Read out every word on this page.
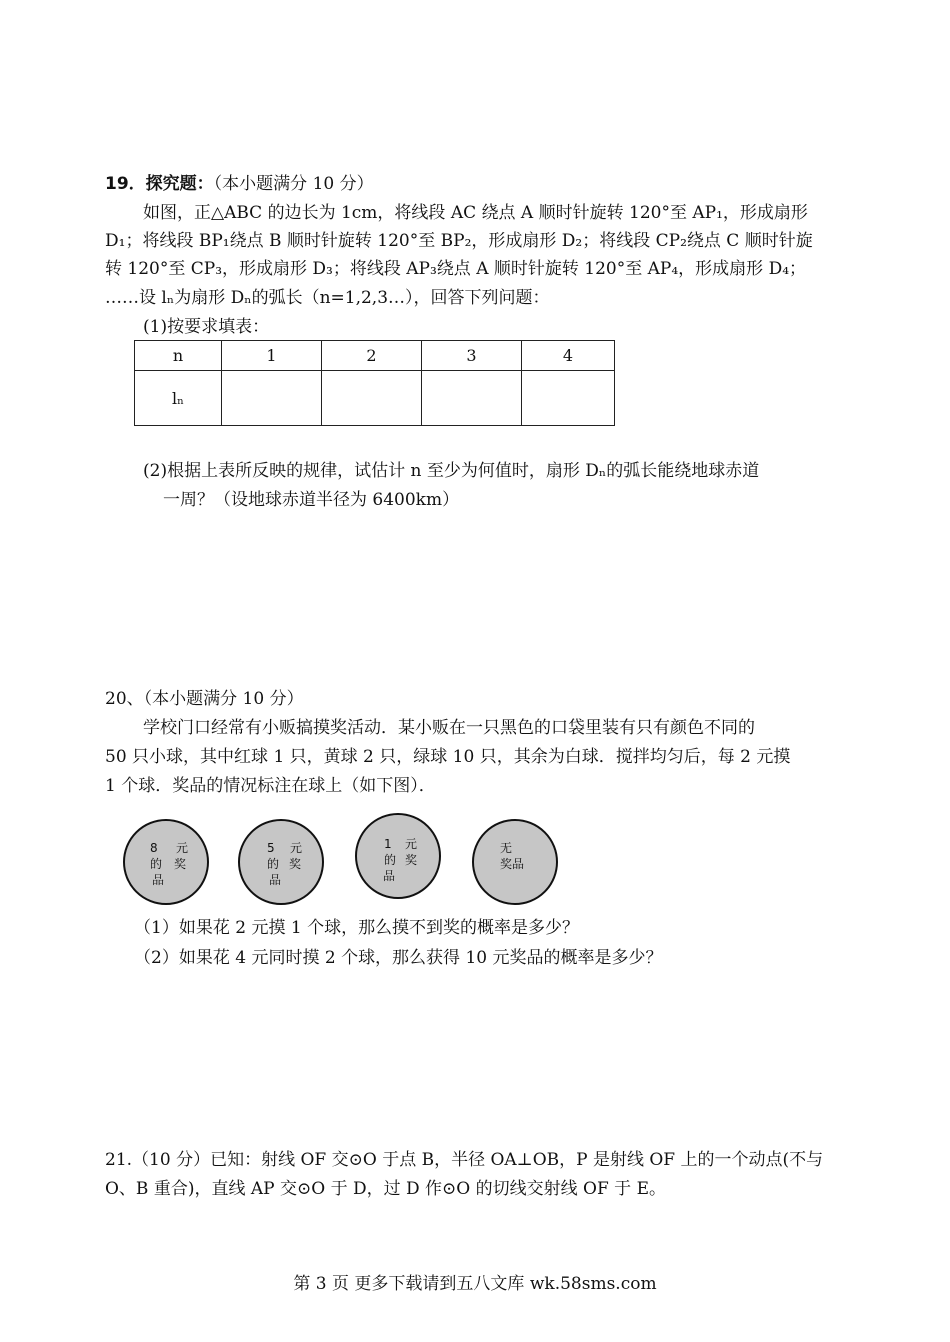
19．探究题：（本小题满分 10 分）
如图，正△ABC 的边长为 1cm，将线段 AC 绕点 A 顺时针旋转 120°至 AP₁，形成扇形
D₁；将线段 BP₁绕点 B 顺时针旋转 120°至 BP₂，形成扇形 D₂；将线段 CP₂绕点 C 顺时针旋
转 120°至 CP₃，形成扇形 D₃；将线段 AP₃绕点 A 顺时针旋转 120°至 AP₄，形成扇形 D₄；
……设 lₙ为扇形 Dₙ的弧长（n=1,2,3…），回答下列问题：
(1)按要求填表：
n	1	2	3	4
lₙ				
(2)根据上表所反映的规律，试估计 n 至少为何值时，扇形 Dₙ的弧长能绕地球赤道
一周？（设地球赤道半径为 6400km）
20、（本小题满分 10 分）
学校门口经常有小贩搞摸奖活动．某小贩在一只黑色的口袋里装有只有颜色不同的
50 只小球，其中红球 1 只，黄球 2 只，绿球 10 只，其余为白球．搅拌均匀后，每 2 元摸
1 个球．奖品的情况标注在球上（如下图）．
8 元
的 奖
品
5 元
的 奖
品
1 元
的 奖
品
无
奖品
（1）如果花 2 元摸 1 个球，那么摸不到奖的概率是多少？
（2）如果花 4 元同时摸 2 个球，那么获得 10 元奖品的概率是多少？
21.（10 分）已知：射线 OF 交⊙O 于点 B，半径 OA⊥OB，P 是射线 OF 上的一个动点(不与
O、B 重合)，直线 AP 交⊙O 于 D，过 D 作⊙O 的切线交射线 OF 于 E。
第 3 页 更多下载请到五八文库 wk.58sms.com
